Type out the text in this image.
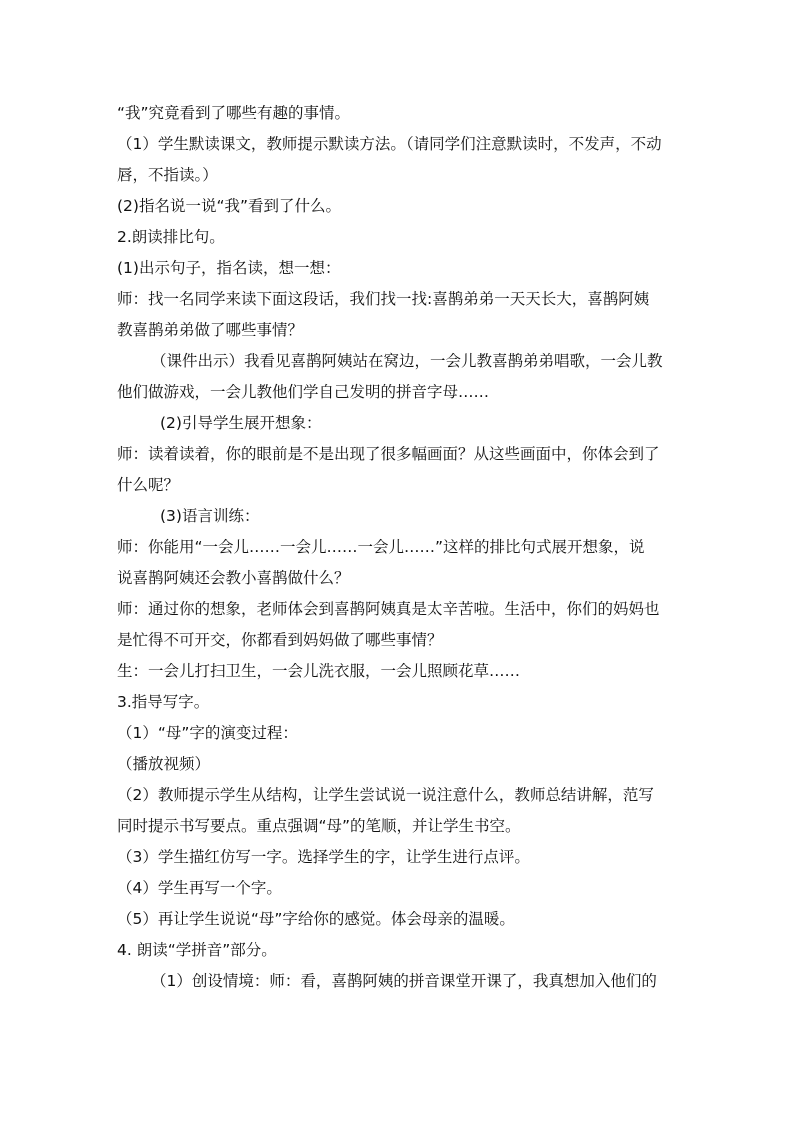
“我”究竟看到了哪些有趣的事情。
（1）学生默读课文，教师提示默读方法。（请同学们注意默读时，不发声，不动
唇，不指读。）
(2)指名说一说“我”看到了什么。
2.朗读排比句。
(1)出示句子，指名读，想一想：
师：找一名同学来读下面这段话，我们找一找:喜鹊弟弟一天天长大，喜鹊阿姨
教喜鹊弟弟做了哪些事情？
（课件出示）我看见喜鹊阿姨站在窝边，一会儿教喜鹊弟弟唱歌，一会儿教
他们做游戏，一会儿教他们学自己发明的拼音字母……
(2)引导学生展开想象：
师：读着读着，你的眼前是不是出现了很多幅画面？从这些画面中，你体会到了
什么呢？
(3)语言训练：
师：你能用“一会儿……一会儿……一会儿……”这样的排比句式展开想象，说
说喜鹊阿姨还会教小喜鹊做什么？
师：通过你的想象，老师体会到喜鹊阿姨真是太辛苦啦。生活中，你们的妈妈也
是忙得不可开交，你都看到妈妈做了哪些事情？
生：一会儿打扫卫生，一会儿洗衣服，一会儿照顾花草……
3.指导写字。
（1）“母”字的演变过程：
（播放视频）
（2）教师提示学生从结构，让学生尝试说一说注意什么，教师总结讲解，范写
同时提示书写要点。重点强调“母”的笔顺，并让学生书空。
（3）学生描红仿写一字。选择学生的字，让学生进行点评。
（4）学生再写一个字。
（5）再让学生说说“母”字给你的感觉。体会母亲的温暖。
4. 朗读“学拼音”部分。
（1）创设情境：师：看，喜鹊阿姨的拼音课堂开课了，我真想加入他们的
